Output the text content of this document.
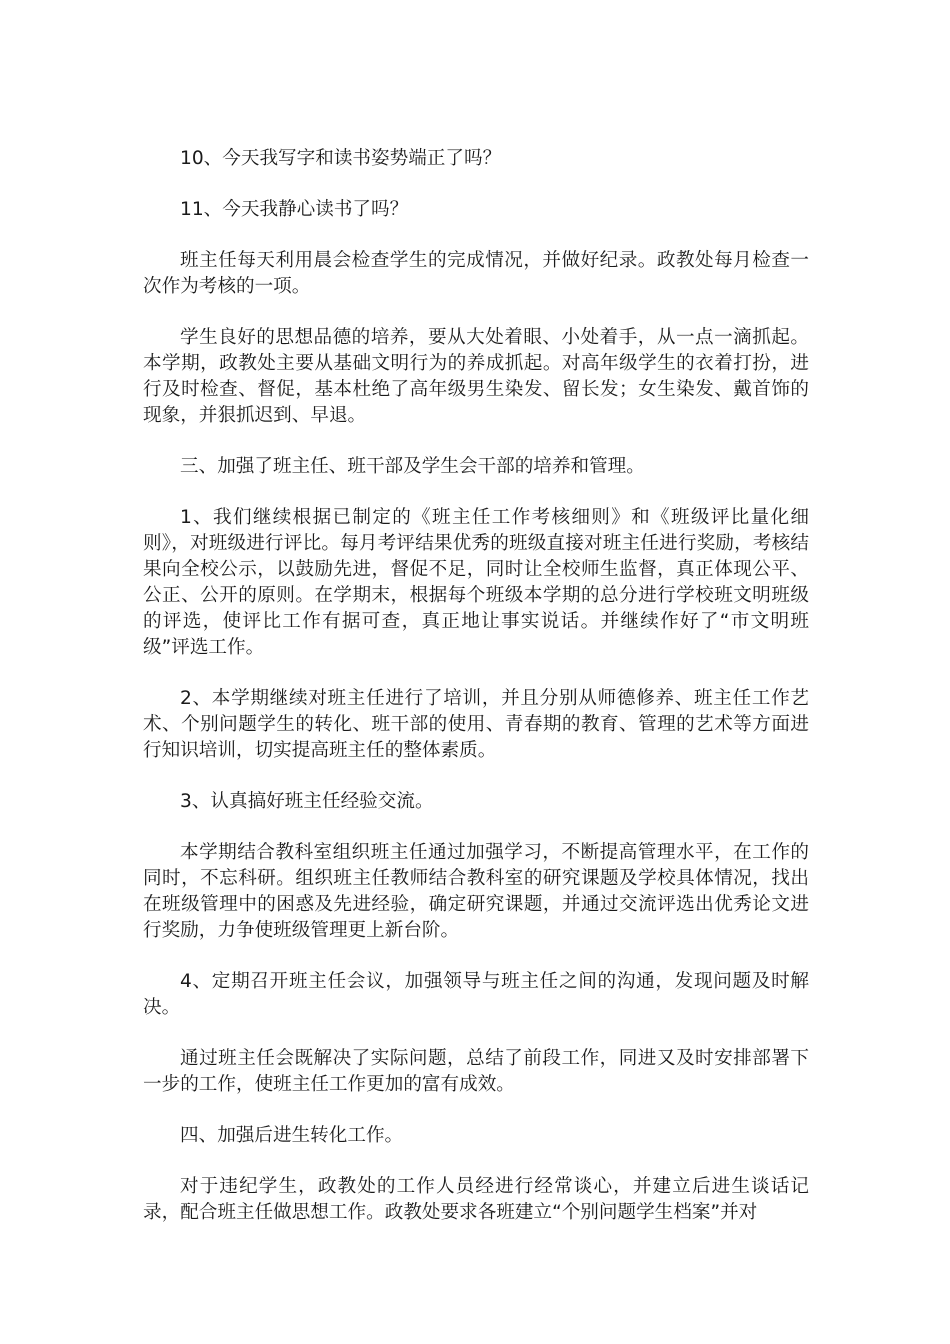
10、今天我写字和读书姿势端正了吗？

11、今天我静心读书了吗？

班主任每天利用晨会检查学生的完成情况，并做好纪录。政教处每月检查一次作为考核的一项。

学生良好的思想品德的培养，要从大处着眼、小处着手，从一点一滴抓起。本学期，政教处主要从基础文明行为的养成抓起。对高年级学生的衣着打扮，进行及时检查、督促，基本杜绝了高年级男生染发、留长发；女生染发、戴首饰的现象，并狠抓迟到、早退。

三、加强了班主任、班干部及学生会干部的培养和管理。

1、我们继续根据已制定的《班主任工作考核细则》和《班级评比量化细则》，对班级进行评比。每月考评结果优秀的班级直接对班主任进行奖励，考核结果向全校公示，以鼓励先进，督促不足，同时让全校师生监督，真正体现公平、公正、公开的原则。在学期末，根据每个班级本学期的总分进行学校班文明班级的评选，使评比工作有据可查，真正地让事实说话。并继续作好了“市文明班级”评选工作。

2、本学期继续对班主任进行了培训，并且分别从师德修养、班主任工作艺术、个别问题学生的转化、班干部的使用、青春期的教育、管理的艺术等方面进行知识培训，切实提高班主任的整体素质。

3、认真搞好班主任经验交流。

本学期结合教科室组织班主任通过加强学习，不断提高管理水平，在工作的同时，不忘科研。组织班主任教师结合教科室的研究课题及学校具体情况，找出在班级管理中的困惑及先进经验，确定研究课题，并通过交流评选出优秀论文进行奖励，力争使班级管理更上新台阶。

4、定期召开班主任会议，加强领导与班主任之间的沟通，发现问题及时解决。

通过班主任会既解决了实际问题，总结了前段工作，同进又及时安排部署下一步的工作，使班主任工作更加的富有成效。

四、加强后进生转化工作。

对于违纪学生，政教处的工作人员经进行经常谈心，并建立后进生谈话记录，配合班主任做思想工作。政教处要求各班建立“个别问题学生档案”并对
